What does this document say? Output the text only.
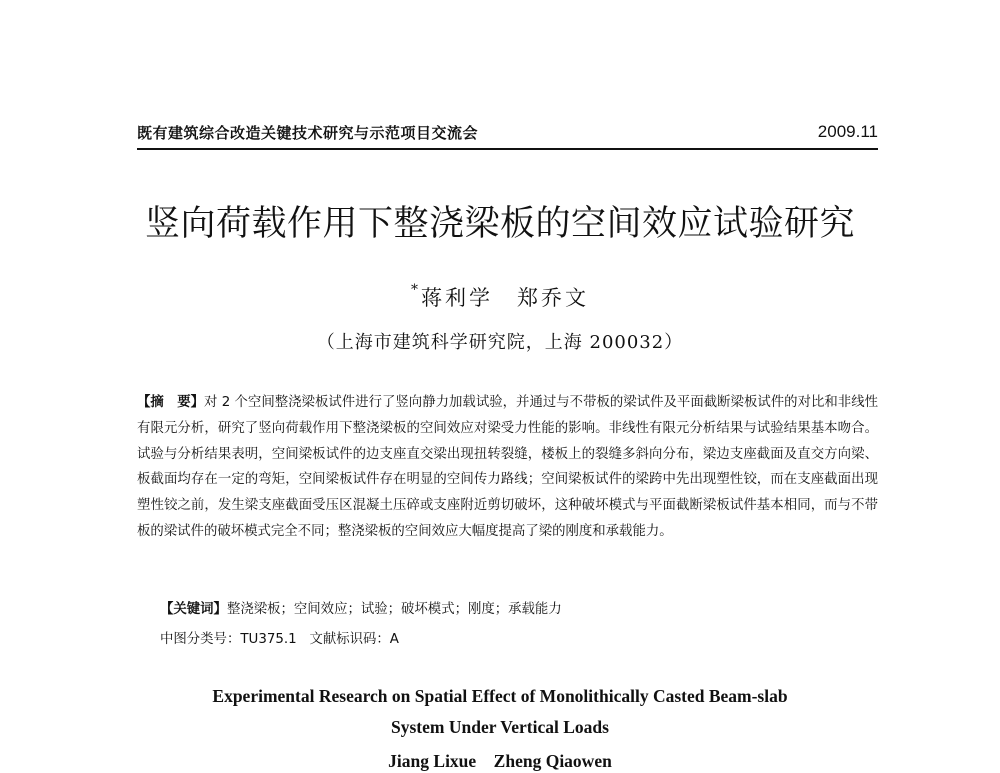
既有建筑综合改造关键技术研究与示范项目交流会	2009.11
竖向荷载作用下整浇梁板的空间效应试验研究
*蒋利学　郑乔文
（上海市建筑科学研究院，上海 200032）
【摘　要】对 2 个空间整浇梁板试件进行了竖向静力加载试验，并通过与不带板的梁试件及平面截断梁板试件的对比和非线性有限元分析，研究了竖向荷载作用下整浇梁板的空间效应对梁受力性能的影响。非线性有限元分析结果与试验结果基本吻合。试验与分析结果表明，空间梁板试件的边支座直交梁出现扭转裂缝，楼板上的裂缝多斜向分布，梁边支座截面及直交方向梁、板截面均存在一定的弯矩，空间梁板试件存在明显的空间传力路线；空间梁板试件的梁跨中先出现塑性铰，而在支座截面出现塑性铰之前，发生梁支座截面受压区混凝土压碎或支座附近剪切破坏，这种破坏模式与平面截断梁板试件基本相同，而与不带板的梁试件的破坏模式完全不同；整浇梁板的空间效应大幅度提高了梁的刚度和承载能力。
【关键词】整浇梁板；空间效应；试验；破坏模式；刚度；承载能力
中图分类号：TU375.1 文献标识码：A
Experimental Research on Spatial Effect of Monolithically Casted Beam-slab
System Under Vertical Loads
Jiang Lixue　Zheng Qiaowen
